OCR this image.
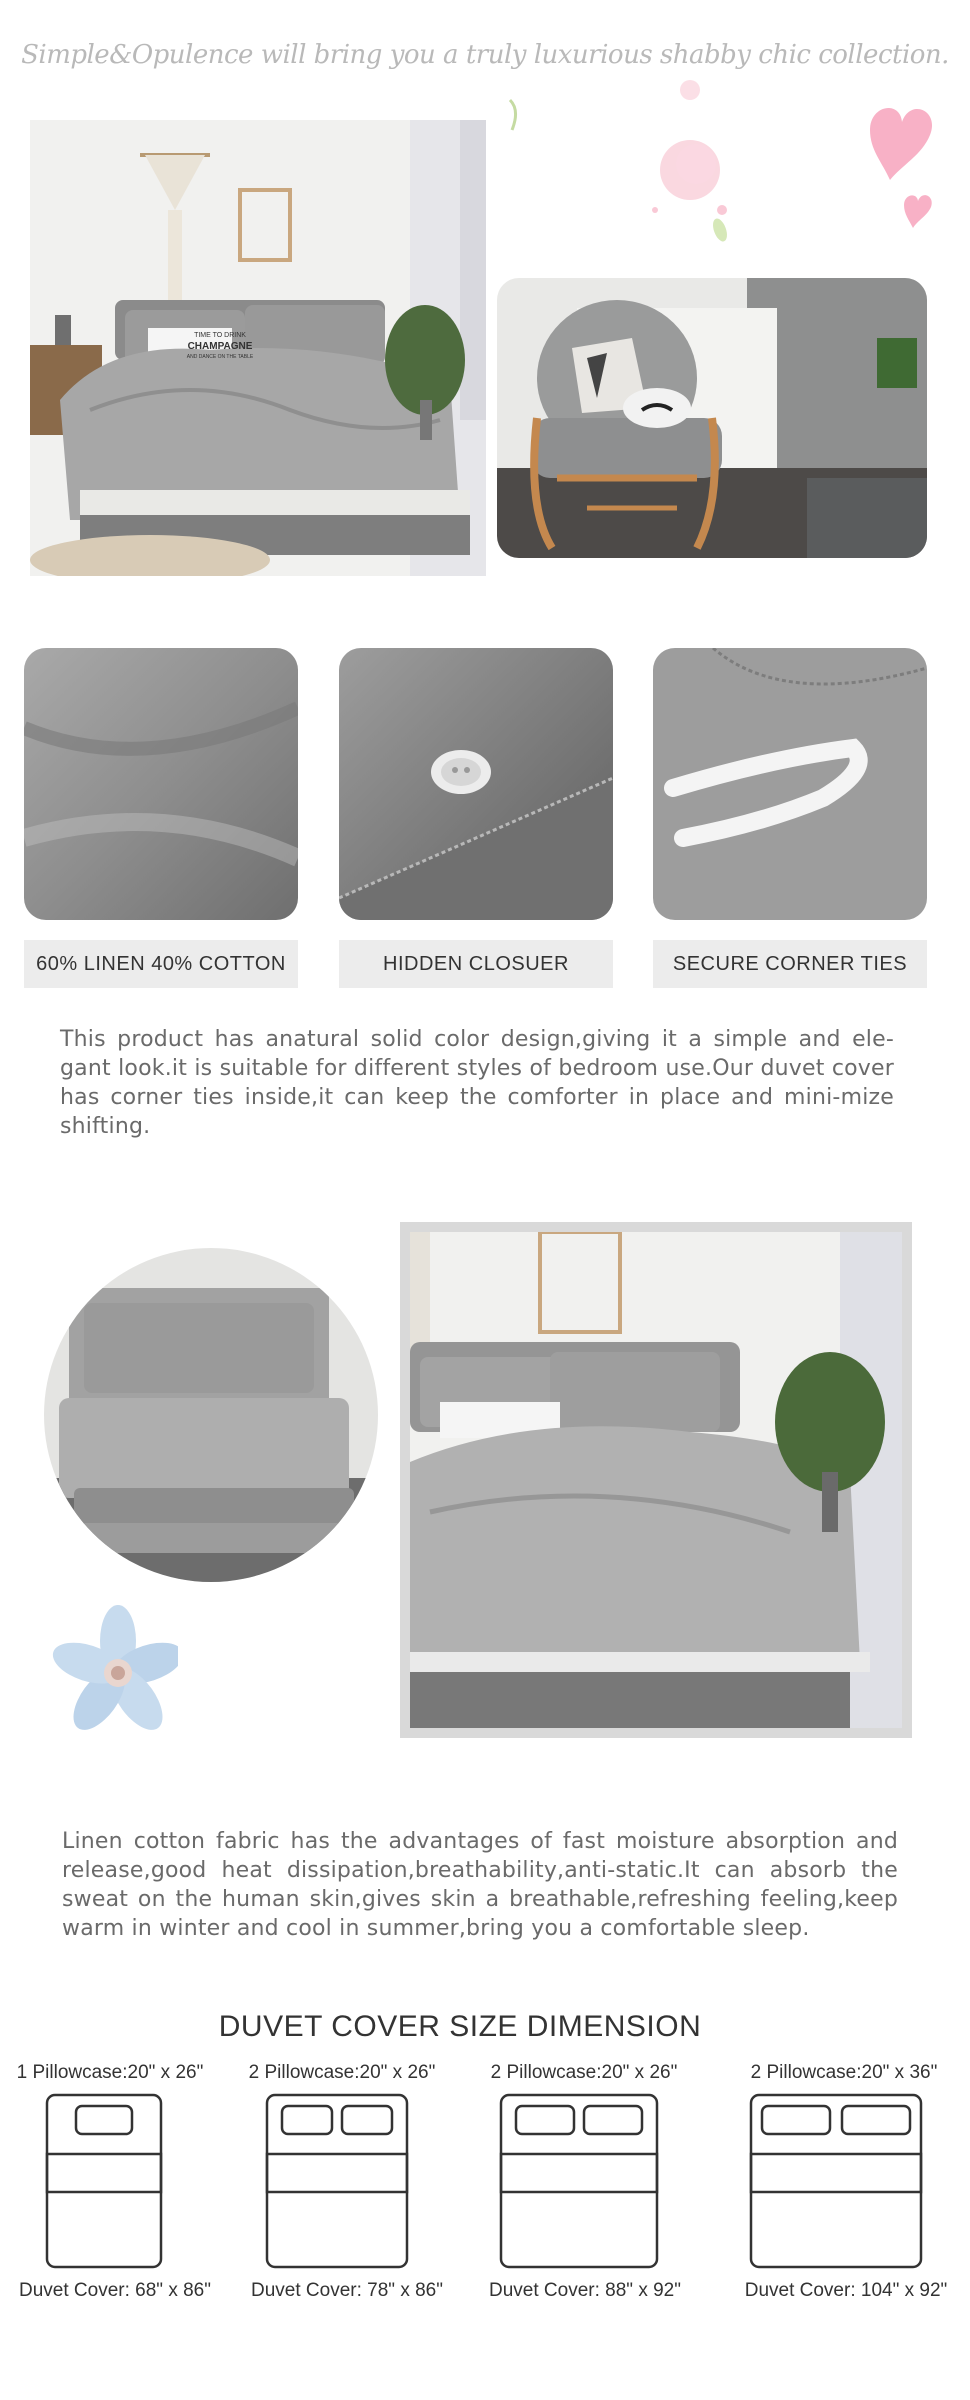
Simple&Opulence will bring you a truly luxurious shabby chic collection.
TIME TO DRINK
CHAMPAGNE
AND DANCE ON THE TABLE
60% LINEN 40% COTTON	HIDDEN CLOSUER	SECURE CORNER TIES
This product has anatural solid color design,giving it a simple and ele-gant look.it is suitable for different styles of bedroom use.Our duvet cover has corner ties inside,it can keep the comforter in place and mini-mize shifting.
Linen cotton fabric has the advantages of fast moisture absorption and release,good heat dissipation,breathability,anti-static.It can absorb the sweat on the human skin,gives skin a breathable,refreshing feeling,keep warm in winter and cool in summer,bring you a comfortable sleep.
DUVET COVER SIZE DIMENSION
1 Pillowcase:20" x 26"
Duvet Cover: 68" x 86"
2 Pillowcase:20" x 26"
Duvet Cover: 78" x 86"
2 Pillowcase:20" x 26"
Duvet Cover: 88" x 92"
2 Pillowcase:20" x 36"
Duvet Cover: 104" x 92"
